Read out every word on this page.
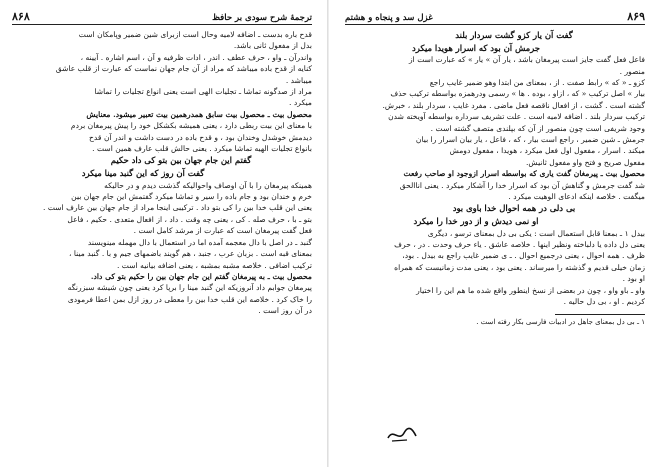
ترجمهٔ شرح سودی بر حافظ
۸۶۸
قدح باره بدست ـ اضافه لامیه وحال است ازبرای شین ضمیر وپامکان است
بدل از مفعول ثانی باشد.
واندرآن ـ واو ، حرف عطف . اندر ، ادات ظرفیه و آن ، اسم اشاره . آیینه ،
کنایه از قدح باده میباشد که مراد از آن جام جهان نماست که عبارت از قلب عاشق
میباشد .
مراد از صدگونه تماشا ـ تجلیات الهی است یعنی انواع تجلیات را تماشا
میکرد .
محصول بیت ـ محصول بیت سابق همدرهمین بیت تعبیر میشود. معنایش
با معنای این بیت ربطی دارد ، یعنی همیشه بکشکل خود را پیش پیرمغان بردم
دیدمش خوشدل وخندان بود ، و قدح باده در دست داشت و اندر آن قدح
بانواع تجلیات الهیه تماشا میکرد . یعنی حالش قلب عارف همین است .
گفتم این جام جهان بین بتو کی داد حکیم
گفت آن روز که این گنبد مینا میکرد
همینکه پیرمغان را با آن اوصاف واحوالیکه گذشت دیدم و در حالیکه
خرم و خندان بود و جام باده را سیر و تماشا میکرد گفتمش این جام جهان بین
یعنی این قلب خدا بین را کی بتو داد . ترکیبی اینجا مراد از جام جهان بین عارف است .
بتو ـ با ، حرف صله . کی ، یعنی چه وقت . داد ، از افعال متعدی . حکیم ، فاعل
فعل گفت پیرمغان است که عبارت از مرشد کامل است .
گنبد ـ در اصل با دال معجمه آمده اما در استعمال با دال مهمله مینویسند
بمعنای قبه است . بزبان عرب ، جنبد ، هم گویند باضمهای جیم و با . گنبد مینا ،
ترکیب اضافی . خلاصه مشبه بمشبه ، یعنی اضافه بیانیه است .
محصول بیت ـ به پیرمغان گفتم این جام جهان بین را حکیم بتو کی داد.
پیرمغان جوابم داد آنروزیکه این گنبد مینا را برپا کرد یعنی چون شیشه سبزرنگه
را خاک کرد . خلاصه این قلب خدا بین را معطی در روز ازل بمن اعطا فرمودی
در آن روز است .
۸۶۹
غزل سد و پنجاه و هشتم
گفت آن یار کزو گشت سردار بلند
جرمش آن بود که اسرار هویدا میکرد
فاعل فعل گفت جایز است پیرمغان باشد ، یار آن » یار » که عبارت است از
منصور .
کزو ـ « که » رابط صفت . از ، بمعنای من ابتدا وهو ضمیر غایب راجع
بیار » اصل ترکیب « که ، ازاو ، بوده . ها » رسمی ودرهمزه بواسطه ترکیب حذف
گشته است . گشت ، از افعال ناقصه فعل ماضی . مفرد غایب ، سردار بلند ، خبرش.
ترکیب سردار بلند . اضافه لامیه است . علت تشریف سرداره بواسطه آویخته شدن
وجود شریفی است چون منصور از آن که بپلندی متصف گشته است .
جرمش ـ شین ضمیر ، راجع است بیار ، که ، فاعل ، یار بیان اسرار را بیان
میکند . اسرار ، مفعول اول فعل میکرد ، هویدا ، مفعول دومش
مفعول صریح و فتح واو مفعول ثانیش.
محصول بیت ـ پیرمغان گفت یاری که بواسطه اسرار ازوجود او صاحب رفعت
شد گفت جرمش و گناهش آن بود که اسرار خدا را آشکار میکرد . یعنی اناالحق
میگفت . خلاصه اینکه ادعای الوهیت میکرد .
بی دلی در همه احوال خدا باوی بود
او نمی دیدش و از دور خدا را میکرد
بیدل ۱ ـ بمعنا قابل استعمال است : یکی بی دل بمعنای ترسو ، دیگری
یعنی دل داده یا دلباخته ونظیر اینها . خلاصه عاشق . یاء حرف وحدت . در ، حرف
ظرف . همه احوال ، یعنی درجمیع احوال . ـ ی ضمیر غایب راجع به بیدل . بود،
زمان خیلی قدیم و گذشته را میرساند . یعنی بود ، یعنی مدت زمانیست که همراه
او بود .
واو ـ باو واو ، چون در بعضی از نسخ اینطور واقع شده ما هم این را اختیار
کردیم . او ، بی دل حالیه .
۱ ـ بی دل بمعنای جاهل در ادبیات فارسی بکار رفته است .
